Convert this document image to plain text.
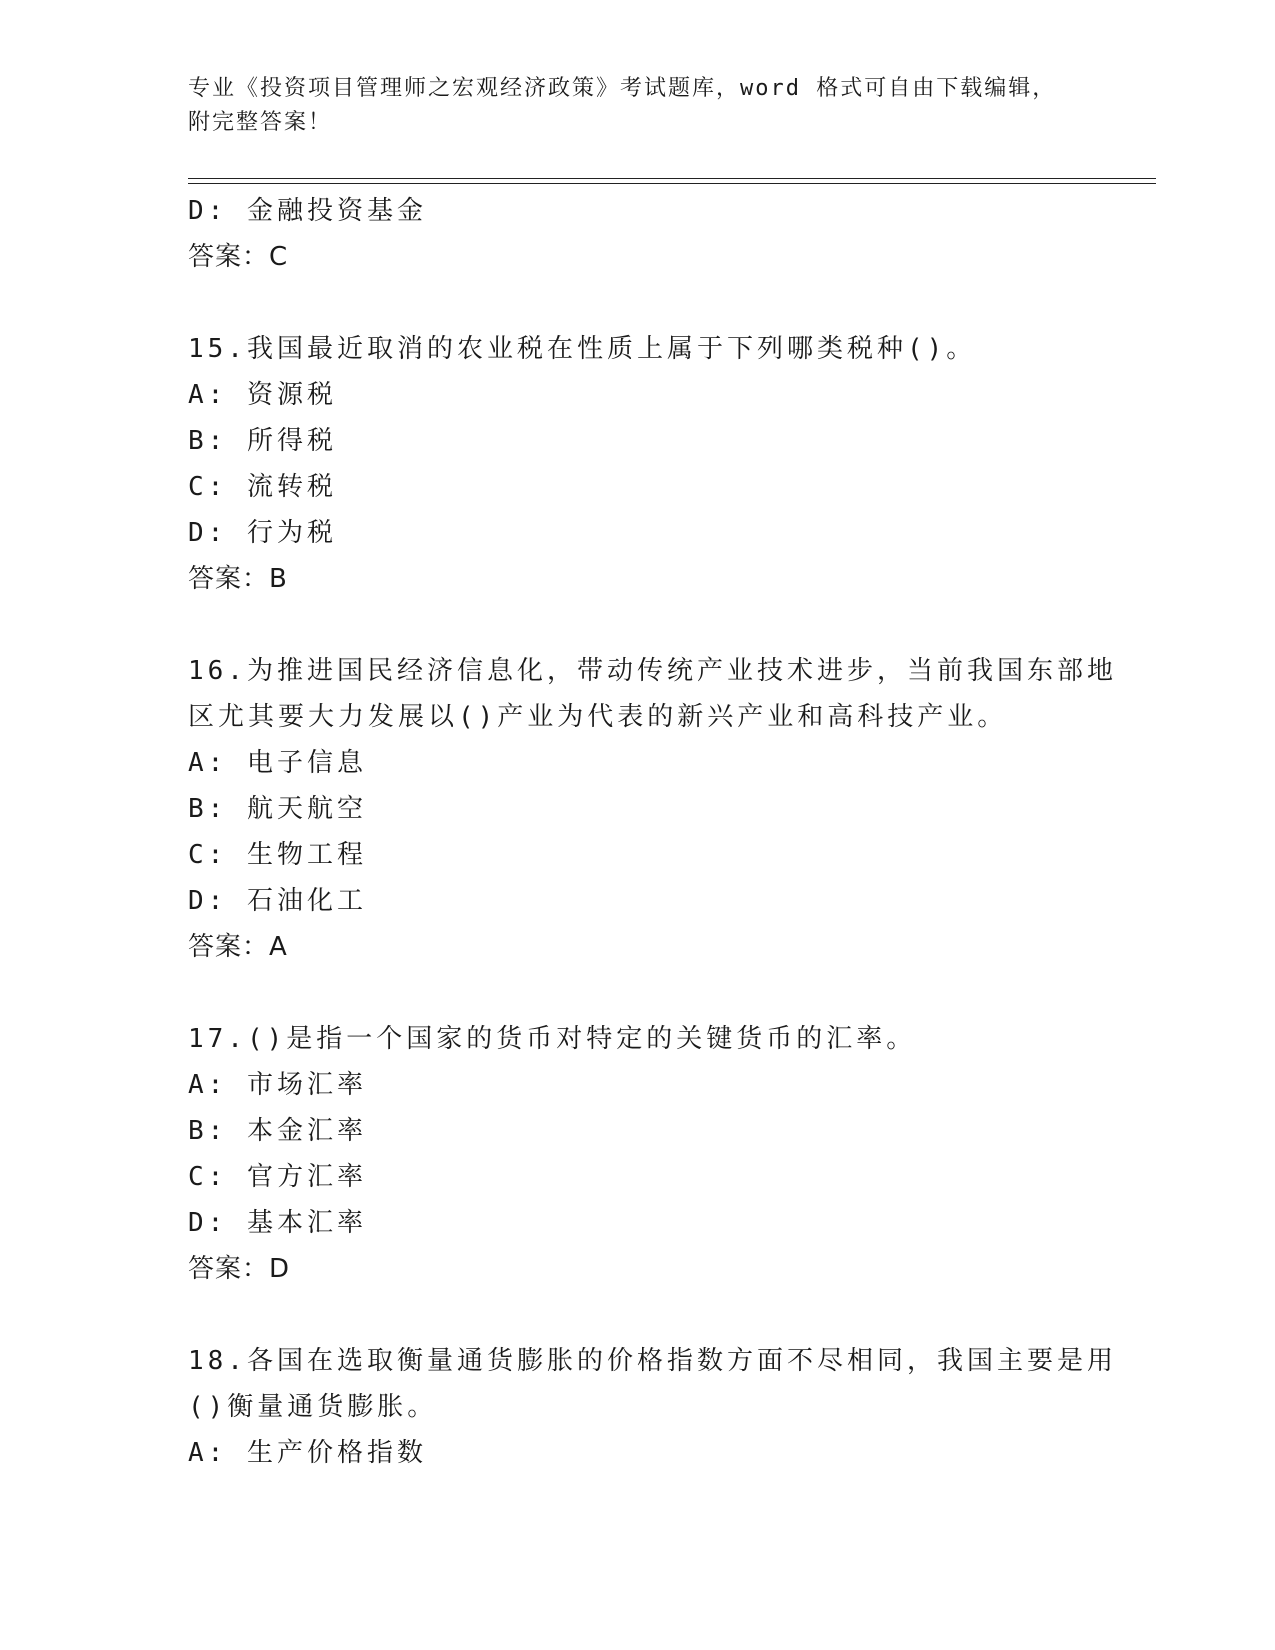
专业《投资项目管理师之宏观经济政策》考试题库，word 格式可自由下载编辑，
附完整答案！
D: 金融投资基金
答案：C
15.我国最近取消的农业税在性质上属于下列哪类税种()。
A: 资源税
B: 所得税
C: 流转税
D: 行为税
答案：B
16.为推进国民经济信息化，带动传统产业技术进步，当前我国东部地
区尤其要大力发展以()产业为代表的新兴产业和高科技产业。
A: 电子信息
B: 航天航空
C: 生物工程
D: 石油化工
答案：A
17.()是指一个国家的货币对特定的关键货币的汇率。
A: 市场汇率
B: 本金汇率
C: 官方汇率
D: 基本汇率
答案：D
18.各国在选取衡量通货膨胀的价格指数方面不尽相同，我国主要是用
()衡量通货膨胀。
A: 生产价格指数
